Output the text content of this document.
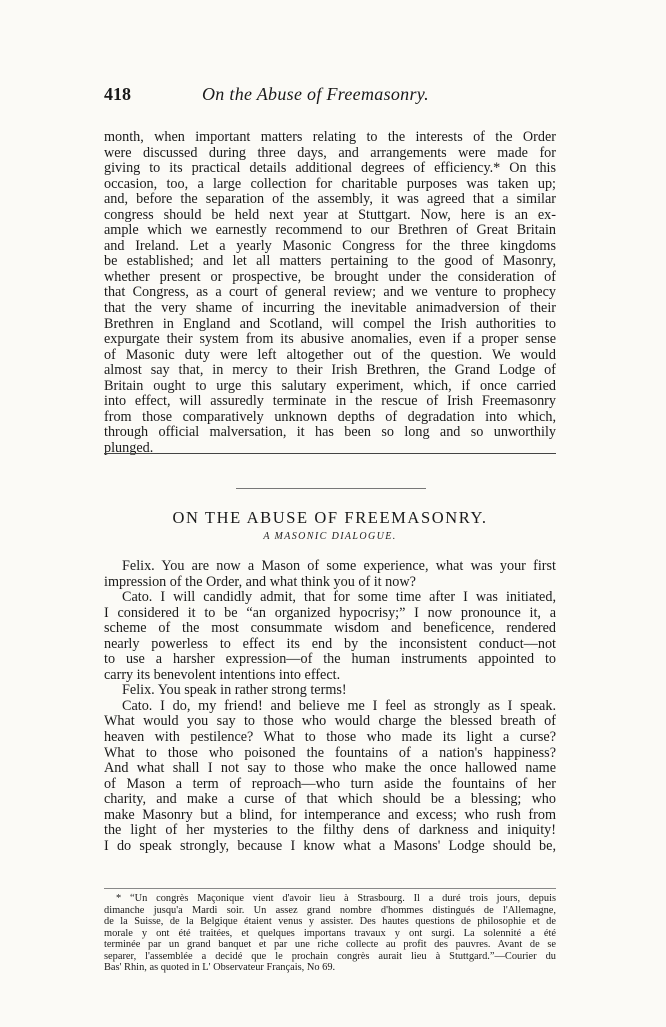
418	On the Abuse of Freemasonry.
month, when important matters relating to the interests of the Order
were discussed during three days, and arrangements were made for
giving to its practical details additional degrees of efficiency.* On this
occasion, too, a large collection for charitable purposes was taken up;
and, before the separation of the assembly, it was agreed that a similar
congress should be held next year at Stuttgart. Now, here is an ex-
ample which we earnestly recommend to our Brethren of Great Britain
and Ireland. Let a yearly Masonic Congress for the three kingdoms
be established; and let all matters pertaining to the good of Masonry,
whether present or prospective, be brought under the consideration of
that Congress, as a court of general review; and we venture to prophecy
that the very shame of incurring the inevitable animadversion of their
Brethren in England and Scotland, will compel the Irish authorities to
expurgate their system from its abusive anomalies, even if a proper sense
of Masonic duty were left altogether out of the question. We would
almost say that, in mercy to their Irish Brethren, the Grand Lodge of
Britain ought to urge this salutary experiment, which, if once carried
into effect, will assuredly terminate in the rescue of Irish Freemasonry
from those comparatively unknown depths of degradation into which,
through official malversation, it has been so long and so unworthily
plunged.
ON THE ABUSE OF FREEMASONRY.
A MASONIC DIALOGUE.
Felix. You are now a Mason of some experience, what was your first
impression of the Order, and what think you of it now?
Cato. I will candidly admit, that for some time after I was initiated,
I considered it to be “an organized hypocrisy;” I now pronounce it, a
scheme of the most consummate wisdom and beneficence, rendered
nearly powerless to effect its end by the inconsistent conduct—not
to use a harsher expression—of the human instruments appointed to
carry its benevolent intentions into effect.
Felix. You speak in rather strong terms!
Cato. I do, my friend! and believe me I feel as strongly as I speak.
What would you say to those who would charge the blessed breath of
heaven with pestilence? What to those who made its light a curse?
What to those who poisoned the fountains of a nation's happiness?
And what shall I not say to those who make the once hallowed name
of Mason a term of reproach—who turn aside the fountains of her
charity, and make a curse of that which should be a blessing; who
make Masonry but a blind, for intemperance and excess; who rush from
the light of her mysteries to the filthy dens of darkness and iniquity!
I do speak strongly, because I know what a Masons' Lodge should be,
* “Un congrès Maçonique vient d'avoir lieu à Strasbourg. Il a duré trois jours, depuis
dimanche jusqu'a Mardi soir. Un assez grand nombre d'hommes distingués de l'Allemagne,
de la Suisse, de la Belgique étaient venus y assister. Des hautes questions de philosophie et de
morale y ont été traitées, et quelques importans travaux y ont surgi. La solennité a été
terminée par un grand banquet et par une riche collecte au profit des pauvres. Avant de se
separer, l'assemblée a decidé que le prochain congrès aurait lieu à Stuttgard.”—Courier du
Bas' Rhin, as quoted in L' Observateur Français, No 69.
